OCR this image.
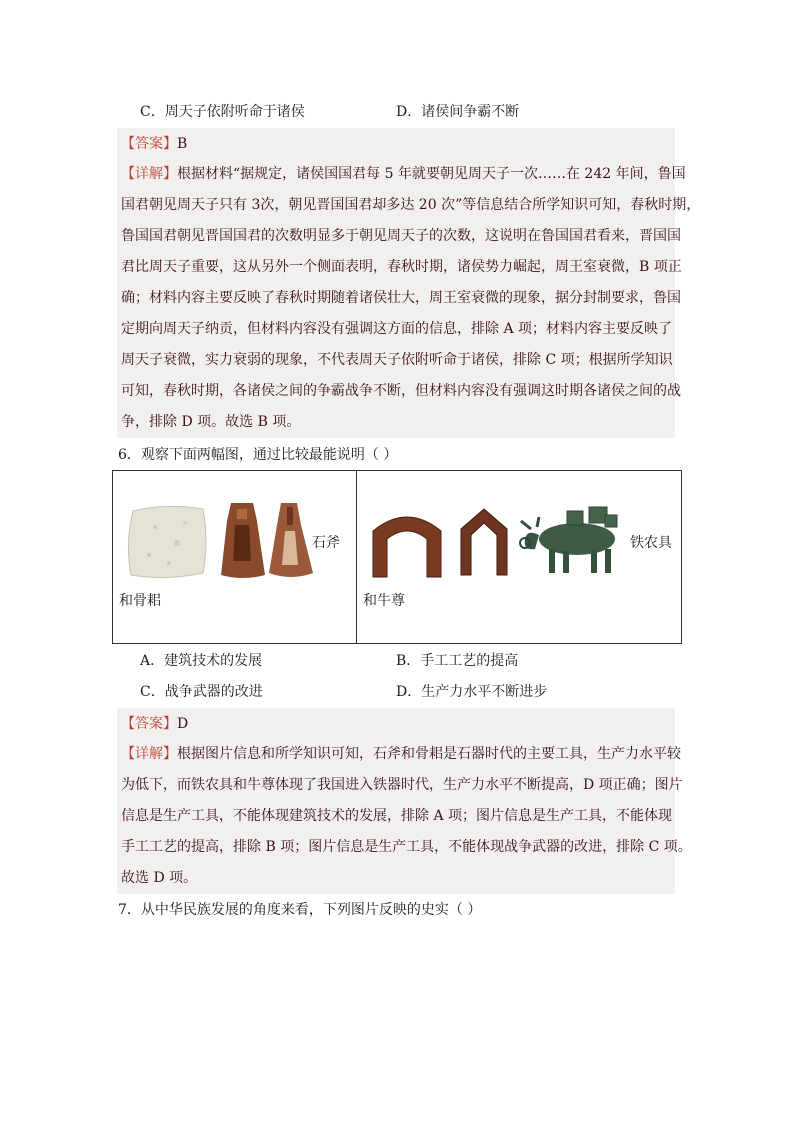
C．周天子依附听命于诸侯	D．诸侯间争霸不断
【答案】B
【详解】根据材料“据规定，诸侯国国君每 5 年就要朝见周天子一次……在 242 年间，鲁国
国君朝见周天子只有 3次，朝见晋国国君却多达 20 次”等信息结合所学知识可知，春秋时期，
鲁国国君朝见晋国国君的次数明显多于朝见周天子的次数，这说明在鲁国国君看来，晋国国
君比周天子重要，这从另外一个侧面表明，春秋时期，诸侯势力崛起，周王室衰微，B 项正
确；材料内容主要反映了春秋时期随着诸侯壮大，周王室衰微的现象，据分封制要求，鲁国
定期向周天子纳贡，但材料内容没有强调这方面的信息，排除 A 项；材料内容主要反映了
周天子衰微，实力衰弱的现象，不代表周天子依附听命于诸侯，排除 C 项；根据所学知识
可知，春秋时期，各诸侯之间的争霸战争不断，但材料内容没有强调这时期各诸侯之间的战
争，排除 D 项。故选 B 项。
6．观察下面两幅图，通过比较最能说明（ ）
石斧
和骨耜
铁农具
和牛尊
A．建筑技术的发展	B．手工工艺的提高
C．战争武器的改进	D．生产力水平不断进步
【答案】D
【详解】根据图片信息和所学知识可知，石斧和骨耜是石器时代的主要工具，生产力水平较
为低下，而铁农具和牛尊体现了我国进入铁器时代，生产力水平不断提高，D 项正确；图片
信息是生产工具，不能体现建筑技术的发展，排除 A 项；图片信息是生产工具，不能体现
手工工艺的提高，排除 B 项；图片信息是生产工具，不能体现战争武器的改进，排除 C 项。
故选 D 项。
7．从中华民族发展的角度来看，下列图片反映的史实（ ）
